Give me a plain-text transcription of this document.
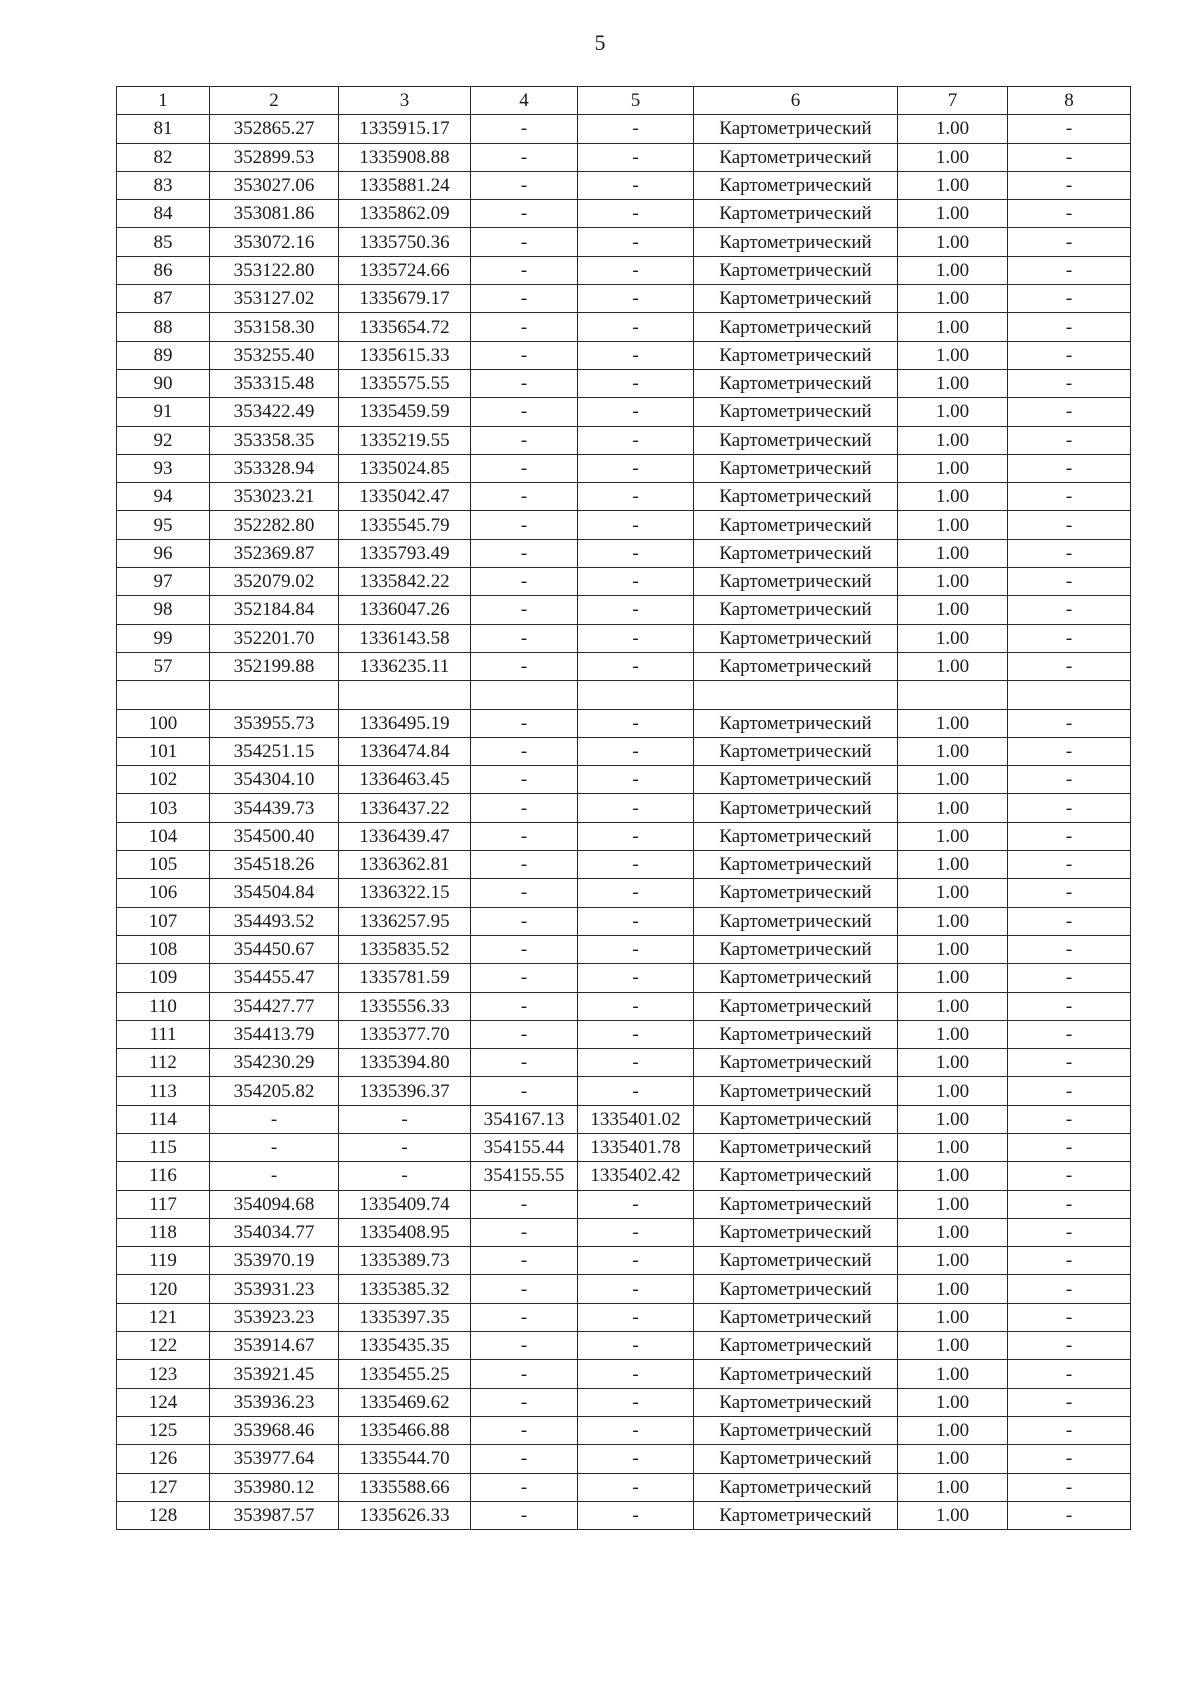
5
1	2	3	4	5	6	7	8
81	352865.27	1335915.17	-	-	Картометрический	1.00	-
82	352899.53	1335908.88	-	-	Картометрический	1.00	-
83	353027.06	1335881.24	-	-	Картометрический	1.00	-
84	353081.86	1335862.09	-	-	Картометрический	1.00	-
85	353072.16	1335750.36	-	-	Картометрический	1.00	-
86	353122.80	1335724.66	-	-	Картометрический	1.00	-
87	353127.02	1335679.17	-	-	Картометрический	1.00	-
88	353158.30	1335654.72	-	-	Картометрический	1.00	-
89	353255.40	1335615.33	-	-	Картометрический	1.00	-
90	353315.48	1335575.55	-	-	Картометрический	1.00	-
91	353422.49	1335459.59	-	-	Картометрический	1.00	-
92	353358.35	1335219.55	-	-	Картометрический	1.00	-
93	353328.94	1335024.85	-	-	Картометрический	1.00	-
94	353023.21	1335042.47	-	-	Картометрический	1.00	-
95	352282.80	1335545.79	-	-	Картометрический	1.00	-
96	352369.87	1335793.49	-	-	Картометрический	1.00	-
97	352079.02	1335842.22	-	-	Картометрический	1.00	-
98	352184.84	1336047.26	-	-	Картометрический	1.00	-
99	352201.70	1336143.58	-	-	Картометрический	1.00	-
57	352199.88	1336235.11	-	-	Картометрический	1.00	-

100	353955.73	1336495.19	-	-	Картометрический	1.00	-
101	354251.15	1336474.84	-	-	Картометрический	1.00	-
102	354304.10	1336463.45	-	-	Картометрический	1.00	-
103	354439.73	1336437.22	-	-	Картометрический	1.00	-
104	354500.40	1336439.47	-	-	Картометрический	1.00	-
105	354518.26	1336362.81	-	-	Картометрический	1.00	-
106	354504.84	1336322.15	-	-	Картометрический	1.00	-
107	354493.52	1336257.95	-	-	Картометрический	1.00	-
108	354450.67	1335835.52	-	-	Картометрический	1.00	-
109	354455.47	1335781.59	-	-	Картометрический	1.00	-
110	354427.77	1335556.33	-	-	Картометрический	1.00	-
111	354413.79	1335377.70	-	-	Картометрический	1.00	-
112	354230.29	1335394.80	-	-	Картометрический	1.00	-
113	354205.82	1335396.37	-	-	Картометрический	1.00	-
114	-	-	354167.13	1335401.02	Картометрический	1.00	-
115	-	-	354155.44	1335401.78	Картометрический	1.00	-
116	-	-	354155.55	1335402.42	Картометрический	1.00	-
117	354094.68	1335409.74	-	-	Картометрический	1.00	-
118	354034.77	1335408.95	-	-	Картометрический	1.00	-
119	353970.19	1335389.73	-	-	Картометрический	1.00	-
120	353931.23	1335385.32	-	-	Картометрический	1.00	-
121	353923.23	1335397.35	-	-	Картометрический	1.00	-
122	353914.67	1335435.35	-	-	Картометрический	1.00	-
123	353921.45	1335455.25	-	-	Картометрический	1.00	-
124	353936.23	1335469.62	-	-	Картометрический	1.00	-
125	353968.46	1335466.88	-	-	Картометрический	1.00	-
126	353977.64	1335544.70	-	-	Картометрический	1.00	-
127	353980.12	1335588.66	-	-	Картометрический	1.00	-
128	353987.57	1335626.33	-	-	Картометрический	1.00	-
